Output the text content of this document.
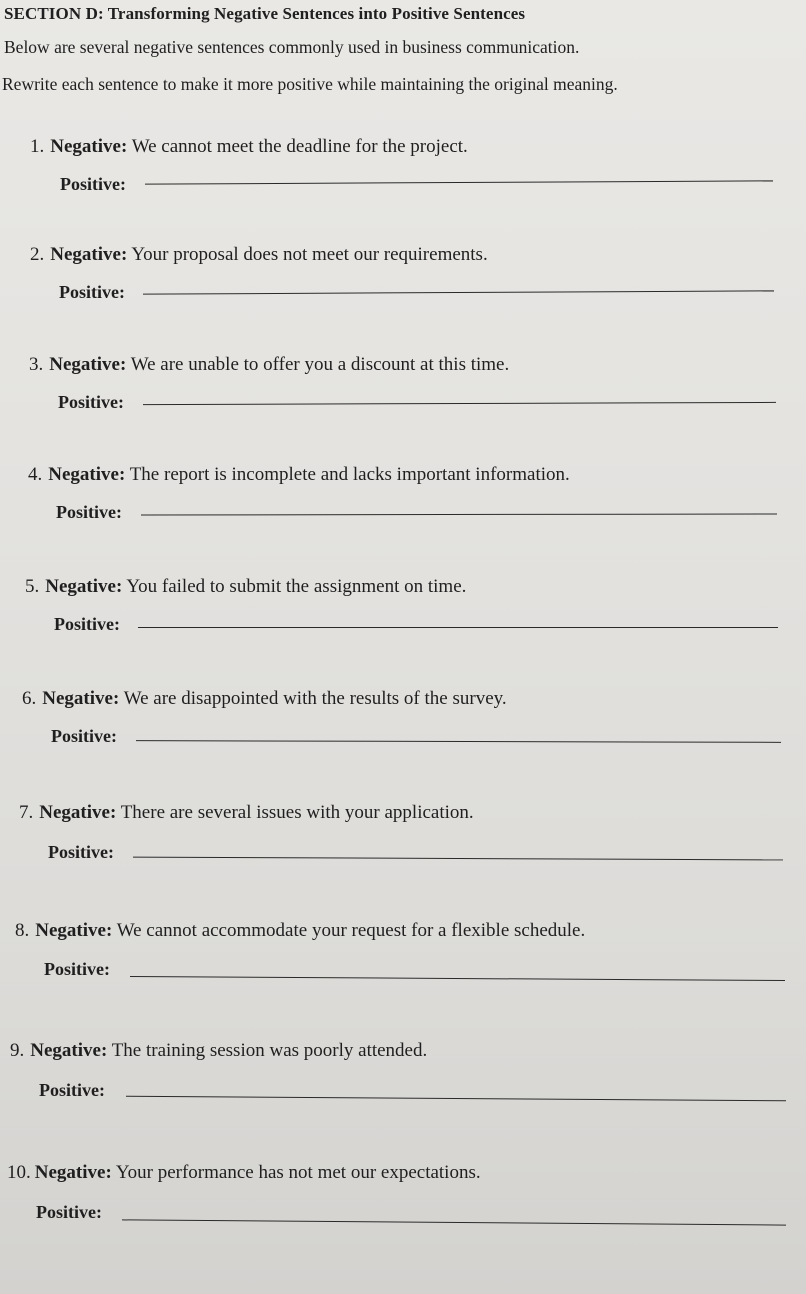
SECTION D: Transforming Negative Sentences into Positive Sentences
Below are several negative sentences commonly used in business communication.
Rewrite each sentence to make it more positive while maintaining the original meaning.
1. Negative: We cannot meet the deadline for the project.
Positive:
2. Negative: Your proposal does not meet our requirements.
Positive:
3. Negative: We are unable to offer you a discount at this time.
Positive:
4. Negative: The report is incomplete and lacks important information.
Positive:
5. Negative: You failed to submit the assignment on time.
Positive:
6. Negative: We are disappointed with the results of the survey.
Positive:
7. Negative: There are several issues with your application.
Positive:
8. Negative: We cannot accommodate your request for a flexible schedule.
Positive:
9. Negative: The training session was poorly attended.
Positive:
10. Negative: Your performance has not met our expectations.
Positive:
